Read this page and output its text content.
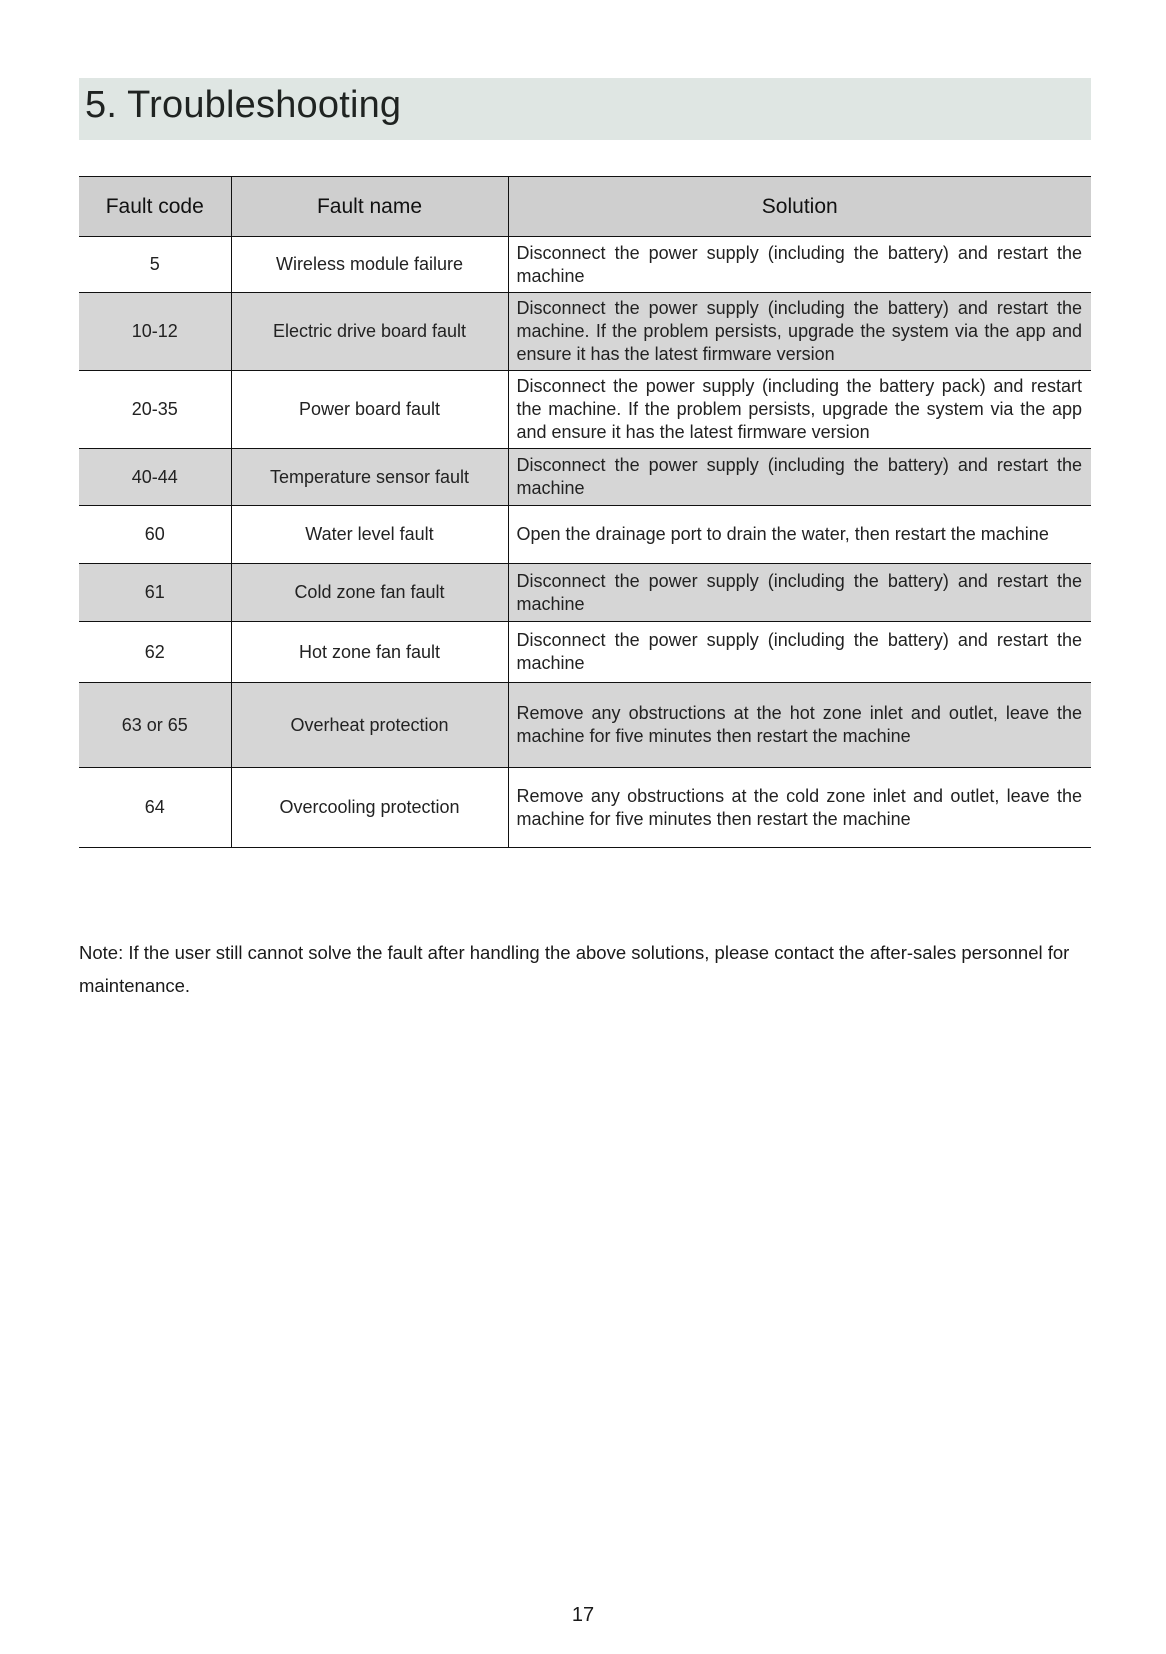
5. Troubleshooting
Fault code	Fault name	Solution
5	Wireless module failure	Disconnect the power supply (including the battery) and restart the machine
10-12	Electric drive board fault	Disconnect the power supply (including the battery) and restart the machine. If the problem persists, upgrade the system via the app and ensure it has the latest firmware version
20-35	Power board fault	Disconnect the power supply (including the battery pack) and restart the machine. If the problem persists, upgrade the system via the app and ensure it has the latest firmware version
40-44	Temperature sensor fault	Disconnect the power supply (including the battery) and restart the machine
60	Water level fault	Open the drainage port to drain the water, then restart the machine
61	Cold zone fan fault	Disconnect the power supply (including the battery) and restart the machine
62	Hot zone fan fault	Disconnect the power supply (including the battery) and restart the machine
63 or 65	Overheat protection	Remove any obstructions at the hot zone inlet and outlet, leave the machine for five minutes then restart the machine
64	Overcooling protection	Remove any obstructions at the cold zone inlet and outlet, leave the machine for five minutes then restart the machine

Note: If the user still cannot solve the fault after handling the above solutions, please contact the after-sales personnel for maintenance.

17
